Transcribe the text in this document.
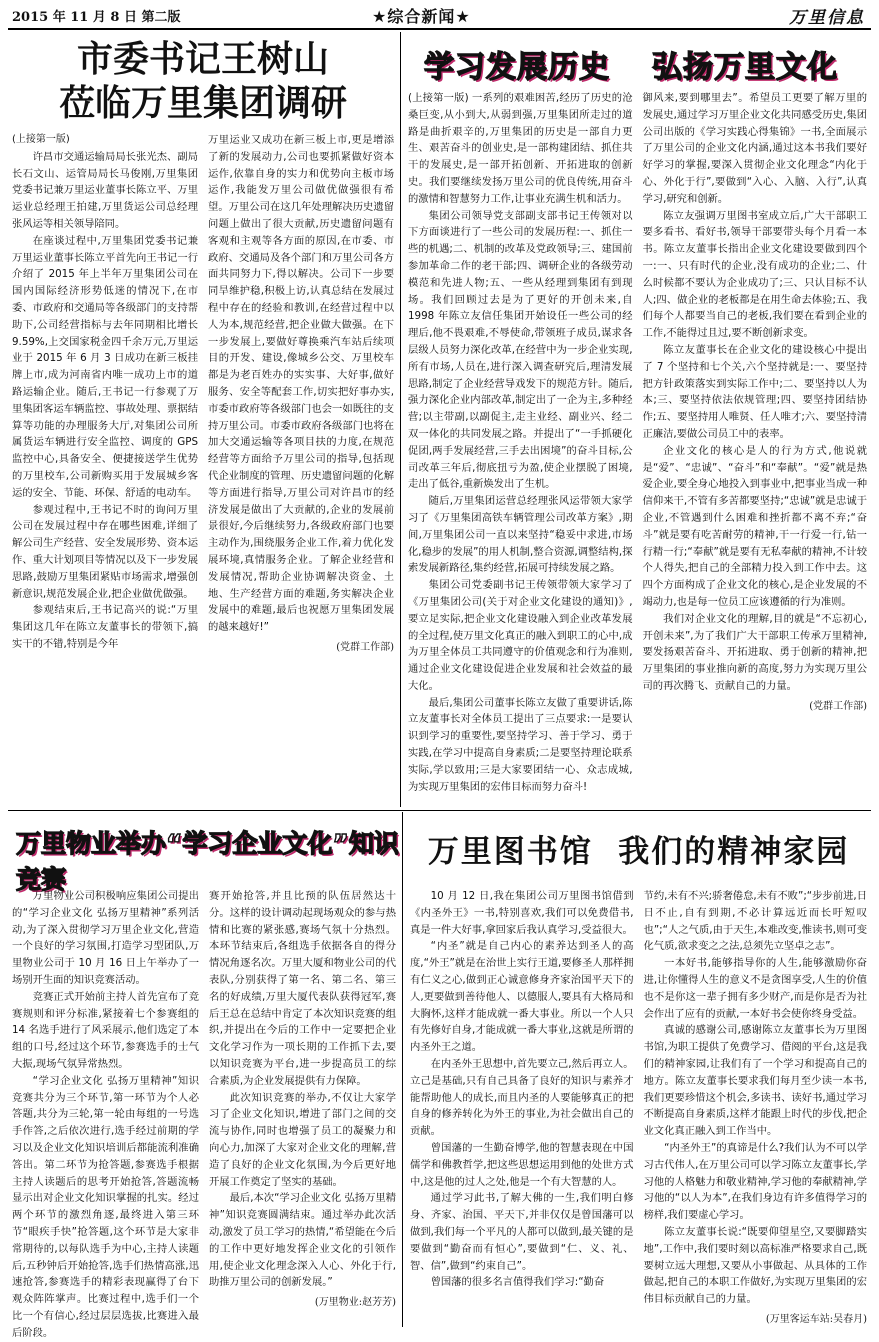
2015 年 11 月 8 日 第二版	★综合新闻★	万里信息
市委书记王树山
莅临万里集团调研

(上接第一版)

许昌市交通运输局局长张光杰、副局长石文山、运管局局长马俊刚,万里集团党委书记兼万里运业董事长陈立平、万里运业总经理王拍建,万里货运公司总经理张风运等相关领导陪同。

在座谈过程中,万里集团党委书记兼万里运业董事长陈立平首先向王书记一行介绍了 2015 年上半年万里集团公司在国内国际经济形势低迷的情况下,在市委、市政府和交通局等各级部门的支持帮助下,公司经营指标与去年同期相比增长 9.59%,上交国家税金四千余万元,万里运业于 2015 年 6 月 3 日成功在新三板挂牌上市,成为河南省内唯一成功上市的道路运输企业。随后,王书记一行参观了万里集团客运车辆监控、事故处理、票据结算等功能的办理服务大厅,对集团公司所属货运车辆进行安全监控、调度的 GPS 监控中心,具备安全、便捷接送学生优势的万里校车,公司新购买用于发展城乡客运的安全、节能、环保、舒适的电动车。

参观过程中,王书记不时的询问万里公司在发展过程中存在哪些困难,详细了解公司生产经营、安全发展形势、资本运作、重大计划项目等情况以及下一步发展思路,鼓励万里集团紧贴市场需求,增强创新意识,规范发展企业,把企业做优做强。

参观结束后,王书记高兴的说:“万里集团这几年在陈立友董事长的带领下,搞实干的不错,特别是今年

万里运业又成功在新三板上市,更是增添了新的发展动力,公司也要抓紧做好资本运作,依靠自身的实力和优势向主板市场运作,我能发万里公司做优做强很有希望。万里公司在这几年处理解决历史遗留问题上做出了很大贡献,历史遗留问题有客观和主观等各方面的原因,在市委、市政府、交通局及各个部门和万里公司各方面共同努力下,得以解决。公司下一步要同旱维护稳,积极上访,认真总结在发展过程中存在的经验和教训,在经营过程中以人为本,规范经营,把企业做大做强。在下一步发展上,要做好尊换乘汽车站后续项目的开发、建设,像城乡公交、万里校车都是为老百姓办的实实事、大好事,做好服务、安全等配套工作,切实把好事办实,市委市政府等各级部门也会一如既往的支持万里公司。市委市政府各级部门也将在加大交通运输等各项目扶的力度,在规范经营等方面给予万里公司的指导,包括现代企业制度的管理、历史遗留问题的化解等方面进行指导,万里公司对许昌市的经济发展是做出了大贡献的,企业的发展前景很好,今后继续努力,各级政府部门也要主动作为,围绕服务企业工作,着力优化发展环境,真情服务企业。了解企业经营和发展情况,帮助企业协调解决资金、土地、生产经营方面的难题,务实解决企业发展中的难题,最后也祝愿万里集团发展的越来越好!”

(党群工作部)
学习发展历史 弘扬万里文化

(上接第一版) 一系列的艰难困苦,经历了历史的沧桑巨变,从小到大,从弱到强,万里集团所走过的道路是曲折艰辛的,万里集团的历史是一部自力更生、艰苦奋斗的创业史,是一部构建团结、抓住共干的发展史,是一部开拓创新、开拓进取的创新史。我们要继续发扬万里公司的优良传统,用奋斗的激情和智慧努力工作,让事业充满生机和活力。

集团公司领导党支部副支部书记王传领对以下方面谈进行了一些公司的发展历程:一、抓住一些的机遇;二、机制的改革及党政领导;三、建国前参加革命二作的老干部;四、调研企业的各级劳动模范和先进人物;五、一些从经理到集团有到现场。我们回顾过去是为了更好的开创未来,自 1998 年陈立友信任集团开始设任一些公司的经理后,他不畏艰难,不辱使命,带领班子成员,谋求各层级人员努力深化改革,在经营中为一步企业实现,所有市场,人员在,进行深入调查研究后,理清发展思路,制定了企业经营导戏发下的规范方针。随后,强力深化企业内部改革,制定出了一企为主,多种经营;以主带副,以副促主,走主业经、副业兴、经二双一体化的共同发展之路。并提出了“一手抓硬化促团,两手发展经营,三手去出困境”的奋斗目标,公司改革三年后,彻底扭亏为盈,使企业摆脱了困境,走出了低谷,重新焕发出了生机。

随后,万里集团运营总经理张风运带领大家学习了《万里集团高铁车辆管理公司改革方案》,期间,万里集团公司一直以来坚持“稳妥中求进,市场化,稳步的发展”的用人机制,整合资源,调整结构,探索发展新路径,集约经营,拓展可持续发展之路。

集团公司党委副书记王传领带领大家学习了《万里集团公司(关于对企业文化建设的通知)》,要立足实际,把企业文化建设融入到企业改革发展的全过程,使万里文化真正的融入到职工的心中,成为万里全体员工共同遵守的价值观念和行为准则,通过企业文化建设促进企业发展和社会效益的最大化。

最后,集团公司董事长陈立友做了重要讲话,陈立友董事长对全体员工提出了三点要求:一是要认识到学习的重要性,要坚持学习、善于学习、勇于实践,在学习中提高自身素质;二是要坚持理论联系实际,学以致用;三是大家要团结一心、众志成城,为实现万里集团的宏伟目标而努力奋斗!

御风来,要到哪里去”。希望员工更要了解万里的发展史,通过学习万里企业文化共同感受历史,集团公司出版的《学习实践心得集锦》一书,全面展示了万里公司的企业文化内涵,通过这本书我们要好好学习的掌握,要深入贯彻企业文化理念“内化于心、外化于行”,要做到“入心、入脑、入行”,认真学习,研究和创新。

陈立友强调万里图书室成立后,广大干部职工要多看书、看好书,领导干部要带头每个月看一本书。陈立友董事长指出企业文化建设要做到四个一:一、只有时代的企业,没有成功的企业;二、什么时候都不要认为企业成功了;三、只认目标不认人;四、做企业的老板都是在用生命去体验;五、我们每个人都要当自己的老板,我们要在看到企业的工作,不能得过且过,要不断创新求变。

陈立友董事长在企业文化的建设核心中提出了 7 个坚持和七个关,六个坚持就是:一、要坚持把方针政策落实到实际工作中;二、要坚持以人为本;三、要坚持依法依规管理;四、要坚持团结协作;五、要坚持用人唯贤、任人唯才;六、要坚持清正廉洁,要做公司员工中的表率。

企业文化的核心是人的行为方式,他说就是“爱”、“忠诚”、“奋斗”和“奉献”。“爱”就是热爱企业,要全身心地投入到事业中,把事业当成一种信仰来干,不管有多苦都要坚持;“忠诚”就是忠诚于企业,不管遇到什么困难和挫折都不离不弃;“奋斗”就是要有吃苦耐劳的精神,干一行爱一行,钻一行精一行;“奉献”就是要有无私奉献的精神,不计较个人得失,把自己的全部精力投入到工作中去。这四个方面构成了企业文化的核心,是企业发展的不竭动力,也是每一位员工应该遵循的行为准则。

我们对企业文化的理解,目的就是“不忘初心,开创未来”,为了我们广大干部职工传承万里精神,要发扬艰苦奋斗、开拓进取、勇于创新的精神,把万里集团的事业推向新的高度,努力为实现万里公司的再次腾飞、贡献自己的力量。

(党群工作部)
万里物业举办“学习企业文化”知识竞赛

万里物业公司积极响应集团公司提出的“学习企业文化 弘扬万里精神”系列活动,为了深入贯彻学习万里企业文化,营造一个良好的学习氛围,打造学习型团队,万里物业公司于 10 月 16 日上午举办了一场别开生面的知识竞赛活动。

竞赛正式开始前主持人首先宣布了竞赛规则和评分标准,紧接着七个参赛组的 14 名选手进行了风采展示,他们选定了本组的口号,经过这个环节,参赛选手的士气大振,现场气氛异常热烈。

“学习企业文化 弘扬万里精神”知识竞赛共分为三个环节,第一环节为个人必答题,共分为三轮,第一轮由每组的一号选手作答,之后依次进行,选手经过前期的学习以及企业文化知识培训后都能流利准确答出。第二环节为抢答题,参赛选手根据主持人读题后的思考开始抢答,答题流畅显示出对企业文化知识掌握的扎实。经过两个环节的激烈角逐,最终进入第三环节“眼疾手快”抢答题,这个环节是大家非常期待的,以每队选手为中心,主持人读题后,五秒钟后开始抢答,选手们热情高涨,迅速抢答,参赛选手的精彩表现赢得了台下观众阵阵掌声。比赛过程中,选手们一个比一个有信心,经过层层选拔,比赛进入最后阶段。

赛开始抢答,并且比预的队伍居然达十分。这样的设计调动起现场观众的参与热情和比赛的紧张感,赛场气氛十分热烈。本环节结束后,各组选手依据各自的得分情况角逐名次。万里大厦和物业公司的代表队,分别获得了第一名、第二名、第三名的好成绩,万里大厦代表队获得冠军,赛后王总在总结中肯定了本次知识竞赛的组织,并提出在今后的工作中一定要把企业文化学习作为一项长期的工作抓下去,要以知识竞赛为平台,进一步提高员工的综合素质,为企业发展提供有力保障。

此次知识竞赛的举办,不仅让大家学习了企业文化知识,增进了部门之间的交流与协作,同时也增强了员工的凝聚力和向心力,加深了大家对企业文化的理解,营造了良好的企业文化氛围,为今后更好地开展工作奠定了坚实的基础。

最后,本次“学习企业文化 弘扬万里精神”知识竞赛圆满结束。通过举办此次活动,激发了员工学习的热情,“希望能在今后的工作中更好地发挥企业文化的引领作用,使企业文化理念深入人心、外化于行,助推万里公司的创新发展。”

(万里物业:赵芳芳)
万里图书馆  我们的精神家园

10 月 12 日,我在集团公司万里图书馆借到《内圣外王》一书,特别喜欢,我们可以免费借书,真是一件大好事,拿回家后我认真学习,受益很大。

“内圣”就是自己内心的素养达到圣人的高度,“外王”就是在治世上实行王道,要修圣人那样拥有仁义之心,做到正心诚意修身齐家治国平天下的人,更要做到善待他人、以德服人,要具有大格局和大胸怀,这样才能成就一番大事业。所以一个人只有先修好自身,才能成就一番大事业,这就是所谓的内圣外王之道。

在内圣外王思想中,首先要立己,然后再立人。立己是基础,只有自己具备了良好的知识与素养才能帮助他人的成长,而且内圣的人要能够真正的把自身的修养转化为外王的事业,为社会做出自己的贡献。

曾国藩的一生勤奋博学,他的智慧表现在中国儒学和佛教哲学,把这些思想运用到他的处世方式中,这是他的过人之处,他是一个有大智慧的人。

通过学习此书,了解大佛的一生,我们明白修身、齐家、治国、平天下,并非仅仅是曾国藩可以做到,我们每一个平凡的人都可以做到,最关键的是要做到“勤奋而有恒心”,要做到“仁、义、礼、智、信”,做到“约束自己”。

曾国藩的很多名言值得我们学习:“勤奋

节约,未有不兴;骄奢倦怠,未有不败”;“步步前进,日日不止,自有到期,不必计算远近而长吁短叹也”;“人之气质,由于天生,本难改变,惟读书,则可变化气质,欲求变之之法,总须先立坚卓之志”。

一本好书,能够指导你的人生,能够激励你奋进,让你懂得人生的意义不是贪图享受,人生的价值也不是你这一辈子拥有多少财产,而是你是否为社会作出了应有的贡献,一本好书会使你终身受益。

真诚的感谢公司,感谢陈立友董事长为万里图书馆,为职工提供了免费学习、借阅的平台,这是我们的精神家园,让我们有了一个学习和提高自己的地方。陈立友董事长要求我们每月至少读一本书,我们更要珍惜这个机会,多读书、读好书,通过学习不断提高自身素质,这样才能跟上时代的步伐,把企业文化真正融入到工作当中。

“内圣外王”的真谛是什么?我们认为不可以学习古代伟人,在万里公司可以学习陈立友董事长,学习他的人格魅力和敬业精神,学习他的奉献精神,学习他的“以人为本”,在我们身边有许多值得学习的榜样,我们要虚心学习。

陈立友董事长说:“既要仰望星空,又要脚踏实地”,工作中,我们要时刻以高标准严格要求自己,既要树立远大理想,又要从小事做起、从具体的工作做起,把自己的本职工作做好,为实现万里集团的宏伟目标贡献自己的力量。

(万里客运车站:吴春月)
